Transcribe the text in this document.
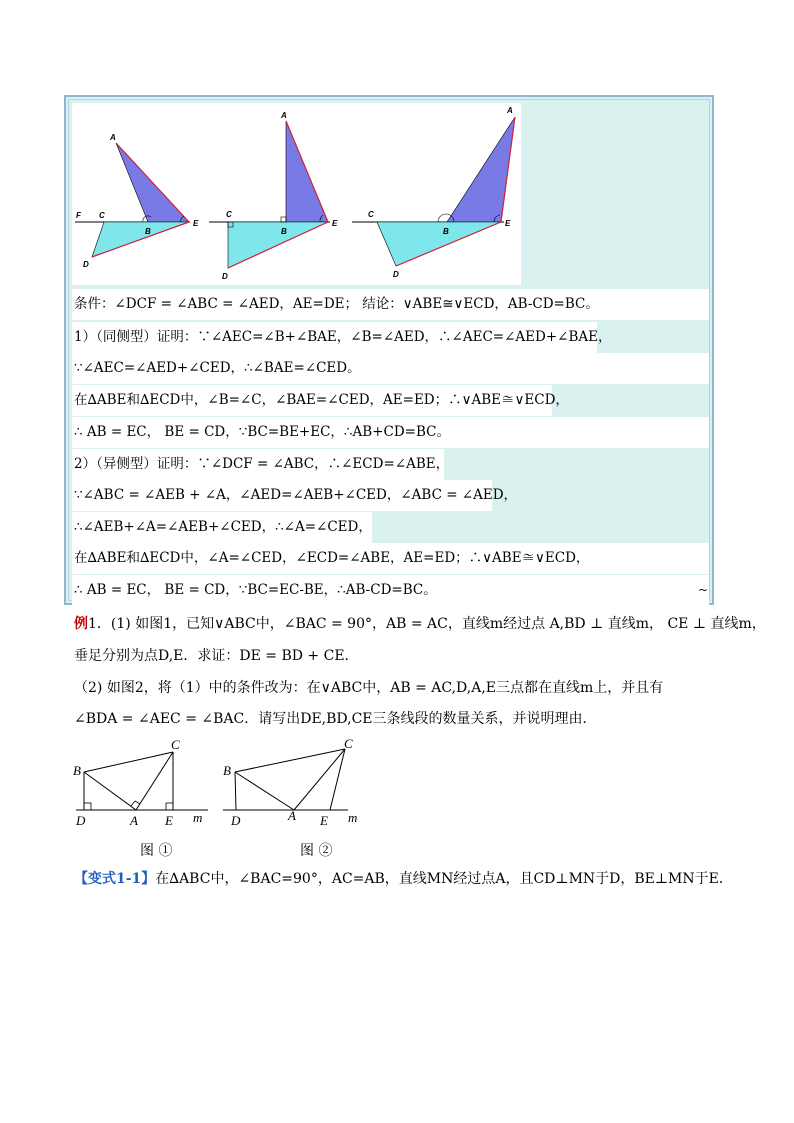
A
B
C
D
E
F
A
B
C
D
E
A
B
C
D
E
条件：∠DCF = ∠ABC = ∠AED，AE=DE； 结论：∨ABE≅∨ECD，AB-CD=BC。
1）（同侧型）证明：∵∠AEC=∠B+∠BAE，∠B=∠AED，∴∠AEC=∠AED+∠BAE，
∵∠AEC=∠AED+∠CED，∴∠BAE=∠CED。
在∆ABE和∆ECD中，∠B=∠C，∠BAE=∠CED，AE=ED；∴∨ABE≅∨ECD，
∴ AB = EC， BE = CD，∵BC=BE+EC，∴AB+CD=BC。
2）（异侧型）证明：∵∠DCF = ∠ABC，∴∠ECD=∠ABE，
∵∠ABC = ∠AEB + ∠A，∠AED=∠AEB+∠CED，∠ABC = ∠AED，
∴∠AEB+∠A=∠AEB+∠CED，∴∠A=∠CED，
在∆ABE和∆ECD中，∠A=∠CED，∠ECD=∠ABE，AE=ED；∴∨ABE≅∨ECD，
∴ AB = EC， BE = CD，∵BC=EC-BE，∴AB-CD=BC。	~
例1．(1) 如图1，已知∨ABC中，∠BAC = 90°，AB = AC，直线m经过点 A,BD ⊥ 直线m， CE ⊥ 直线m，
垂足分别为点D,E．求证：DE = BD + CE．
（2) 如图2，将（1）中的条件改为：在∨ABC中，AB = AC,D,A,E三点都在直线m上，并且有
∠BDA = ∠AEC = ∠BAC．请写出DE,BD,CE三条线段的数量关系，并说明理由．
B
C
D	A E m
B
C
D	A E m
图 ①	图 ②
【变式1-1】在∆ABC中，∠BAC=90°，AC=AB，直线MN经过点A，且CD⊥MN于D，BE⊥MN于E．
